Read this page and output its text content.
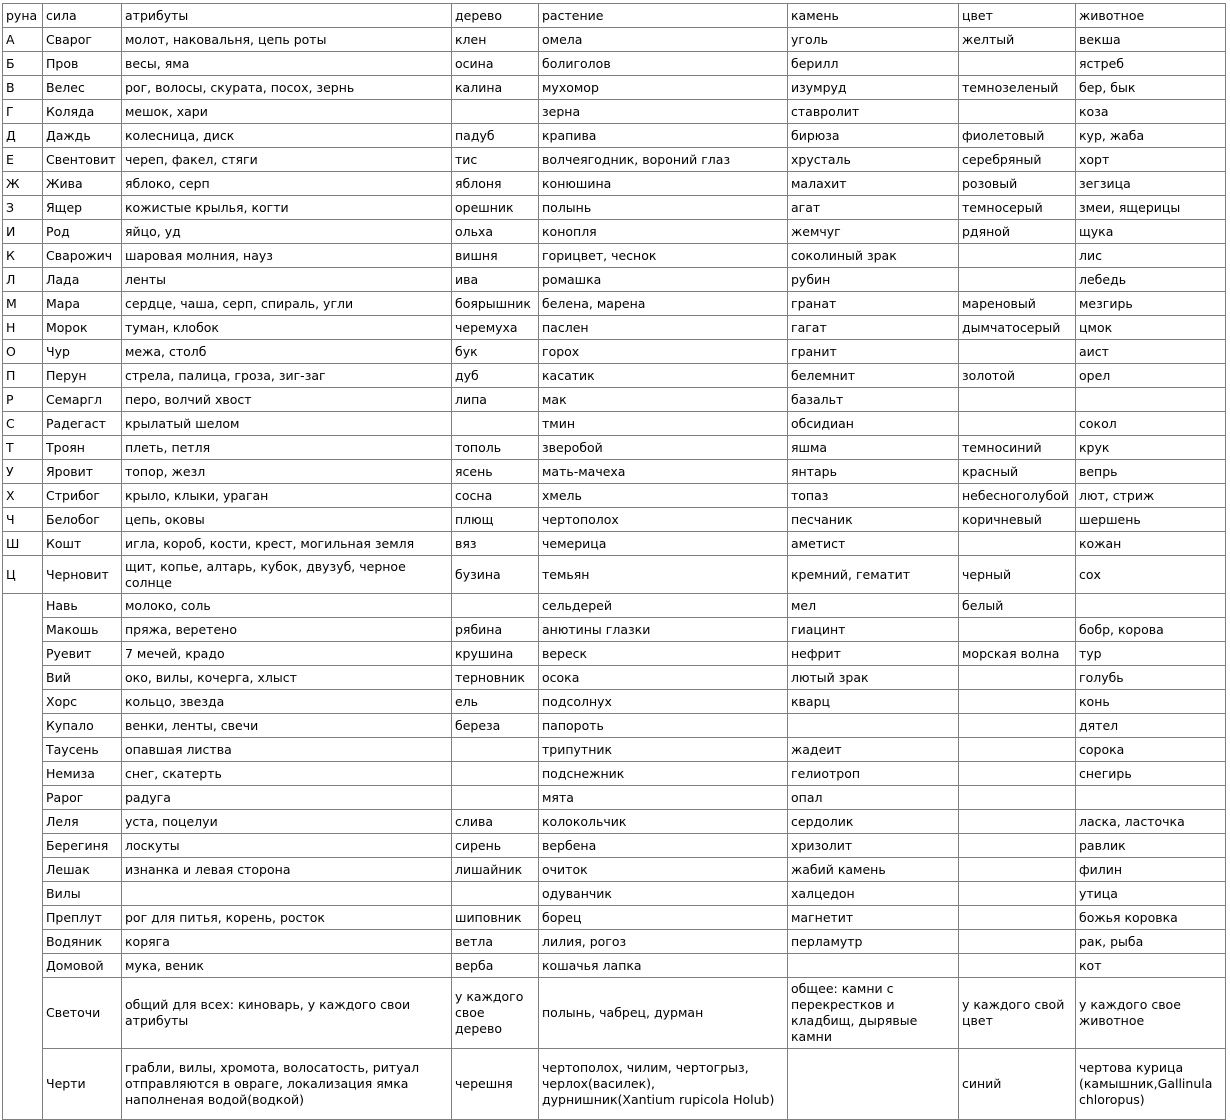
руна	сила	атрибуты	дерево	растение	камень	цвет	животное
А	Сварог	молот, наковальня, цепь роты	клен	омела	уголь	желтый	векша
Б	Пров	весы, яма	осина	болиголов	берилл		ястреб
В	Велес	рог, волосы, скурата, посох, зернь	калина	мухомор	изумруд	темнозеленый	бер, бык
Г	Коляда	мешок, хари		зерна	ставролит		коза
Д	Даждь	колесница, диск	падуб	крапива	бирюза	фиолетовый	кур, жаба
Е	Свентовит	череп, факел, стяги	тис	волчеягодник, вороний глаз	хрусталь	серебряный	хорт
Ж	Жива	яблоко, серп	яблоня	конюшина	малахит	розовый	зегзица
З	Ящер	кожистые крылья, когти	орешник	полынь	агат	темносерый	змеи, ящерицы
И	Род	яйцо, уд	ольха	конопля	жемчуг	рдяной	щука
К	Сварожич	шаровая молния, науз	вишня	горицвет, чеснок	соколиный зрак		лис
Л	Лада	ленты	ива	ромашка	рубин		лебедь
М	Мара	сердце, чаша, серп, спираль, угли	боярышник	белена, марена	гранат	мареновый	мезгирь
Н	Морок	туман, клобок	черемуха	паслен	гагат	дымчатосерый	цмок
О	Чур	межа, столб	бук	горох	гранит		аист
П	Перун	стрела, палица, гроза, зиг-заг	дуб	касатик	белемнит	золотой	орел
Р	Семаргл	перо, волчий хвост	липа	мак	базальт		
С	Радегаст	крылатый шелом		тмин	обсидиан		сокол
Т	Троян	плеть, петля	тополь	зверобой	яшма	темносиний	крук
У	Яровит	топор, жезл	ясень	мать-мачеха	янтарь	красный	вепрь
Х	Стрибог	крыло, клыки, ураган	сосна	хмель	топаз	небесноголубой	лют, стриж
Ч	Белобог	цепь, оковы	плющ	чертополох	песчаник	коричневый	шершень
Ш	Кошт	игла, короб, кости, крест, могильная земля	вяз	чемерица	аметист		кожан
Ц	Черновит	щит, копье, алтарь, кубок, двузуб, черное солнце	бузина	темьян	кремний, гематит	черный	сох
	Навь	молоко, соль		сельдерей	мел	белый	
	Макошь	пряжа, веретено	рябина	анютины глазки	гиацинт		бобр, корова
	Руевит	7 мечей, крадо	крушина	вереск	нефрит	морская волна	тур
	Вий	око, вилы, кочерга, хлыст	терновник	осока	лютый зрак		голубь
	Хорс	кольцо, звезда	ель	подсолнух	кварц		конь
	Купало	венки, ленты, свечи	береза	папороть			дятел
	Таусень	опавшая листва		трипутник	жадеит		сорока
	Немиза	снег, скатерть		подснежник	гелиотроп		снегирь
	Рарог	радуга		мята	опал		
	Леля	уста, поцелуи	слива	колокольчик	сердолик		ласка, ласточка
	Берегиня	лоскуты	сирень	вербена	хризолит		равлик
	Лешак	изнанка и левая сторона	лишайник	очиток	жабий камень		филин
	Вилы			одуванчик	халцедон		утица
	Преплут	рог для питья, корень, росток	шиповник	борец	магнетит		божья коровка
	Водяник	коряга	ветла	лилия, рогоз	перламутр		рак, рыба
	Домовой	мука, веник	верба	кошачья лапка			кот
	Светочи	общий для всех: киноварь, у каждого свои атрибуты	у каждого свое дерево	полынь, чабрец, дурман	общее: камни с перекрестков и кладбищ, дырявые камни	у каждого свой цвет	у каждого свое животное
	Черти	грабли, вилы, хромота, волосатость, ритуал отправляются в овраге, локализация ямка наполненая водой(водкой)	черешня	чертополох, чилим, чертогрыз, черлох(василек), дурнишник(Xantium rupicola Holub)		синий	чертова курица (камышник,Gallinula chloropus)
